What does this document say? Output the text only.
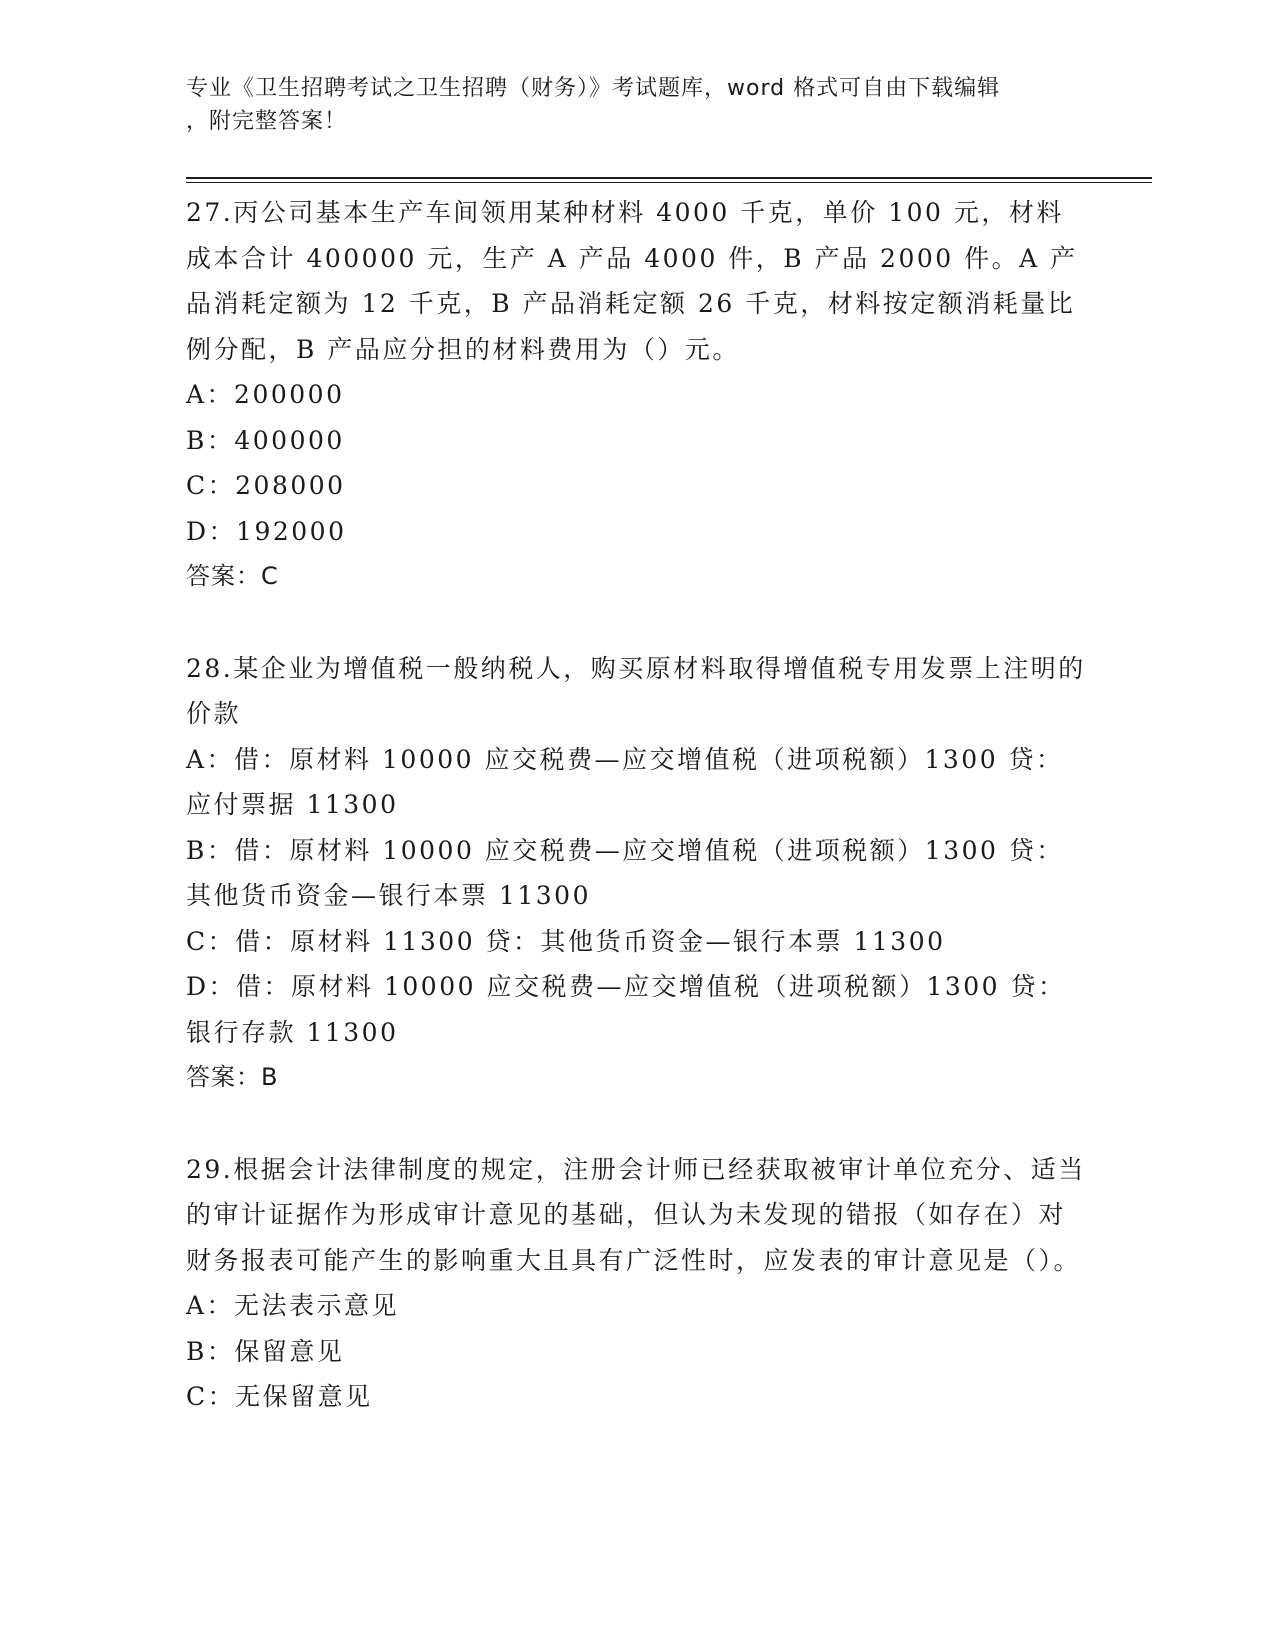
专业《卫生招聘考试之卫生招聘（财务）》考试题库，word 格式可自由下载编辑
，附完整答案！

27.丙公司基本生产车间领用某种材料 4000 千克，单价 100 元，材料成本合计 400000 元，生产 A 产品 4000 件，B 产品 2000 件。A 产品消耗定额为 12 千克，B 产品消耗定额 26 千克，材料按定额消耗量比例分配，B 产品应分担的材料费用为（）元。

A：200000

B：400000

C：208000

D：192000

答案：C

28.某企业为增值税一般纳税人，购买原材料取得增值税专用发票上注明的价款

A：借：原材料 10000 应交税费—应交增值税（进项税额）1300 贷：应付票据 11300

B：借：原材料 10000 应交税费—应交增值税（进项税额）1300 贷：其他货币资金—银行本票 11300

C：借：原材料 11300 贷：其他货币资金—银行本票 11300

D：借：原材料 10000 应交税费—应交增值税（进项税额）1300 贷：银行存款 11300

答案：B

29.根据会计法律制度的规定，注册会计师已经获取被审计单位充分、适当的审计证据作为形成审计意见的基础，但认为未发现的错报（如存在）对财务报表可能产生的影响重大且具有广泛性时，应发表的审计意见是（）。

A：无法表示意见

B：保留意见

C：无保留意见
